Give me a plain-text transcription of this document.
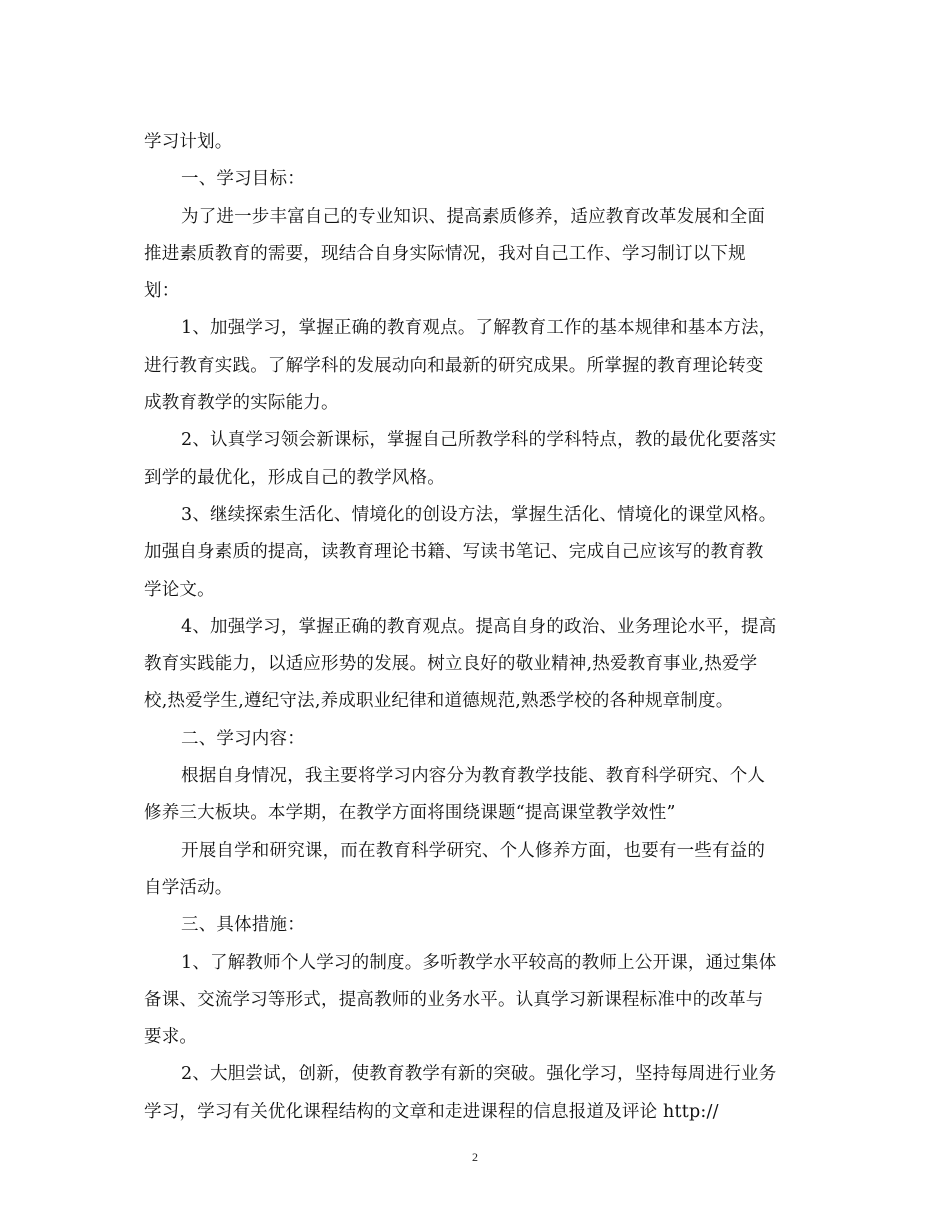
学习计划。
一、学习目标：
为了进一步丰富自己的专业知识、提高素质修养，适应教育改革发展和全面
推进素质教育的需要，现结合自身实际情况，我对自己工作、学习制订以下规
划：
1、加强学习，掌握正确的教育观点。了解教育工作的基本规律和基本方法，
进行教育实践。了解学科的发展动向和最新的研究成果。所掌握的教育理论转变
成教育教学的实际能力。
2、认真学习领会新课标，掌握自己所教学科的学科特点，教的最优化要落实
到学的最优化，形成自己的教学风格。
3、继续探索生活化、情境化的创设方法，掌握生活化、情境化的课堂风格。
加强自身素质的提高，读教育理论书籍、写读书笔记、完成自己应该写的教育教
学论文。
4、加强学习，掌握正确的教育观点。提高自身的政治、业务理论水平，提高
教育实践能力，以适应形势的发展。树立良好的敬业精神,热爱教育事业,热爱学
校,热爱学生,遵纪守法,养成职业纪律和道德规范,熟悉学校的各种规章制度。
二、学习内容：
根据自身情况，我主要将学习内容分为教育教学技能、教育科学研究、个人
修养三大板块。本学期，在教学方面将围绕课题“提高课堂教学效性”
开展自学和研究课，而在教育科学研究、个人修养方面，也要有一些有益的
自学活动。
三、具体措施：
1、了解教师个人学习的制度。多听教学水平较高的教师上公开课，通过集体
备课、交流学习等形式，提高教师的业务水平。认真学习新课程标准中的改革与
要求。
2、大胆尝试，创新，使教育教学有新的突破。强化学习，坚持每周进行业务
学习，学习有关优化课程结构的文章和走进课程的信息报道及评论 http://
2
